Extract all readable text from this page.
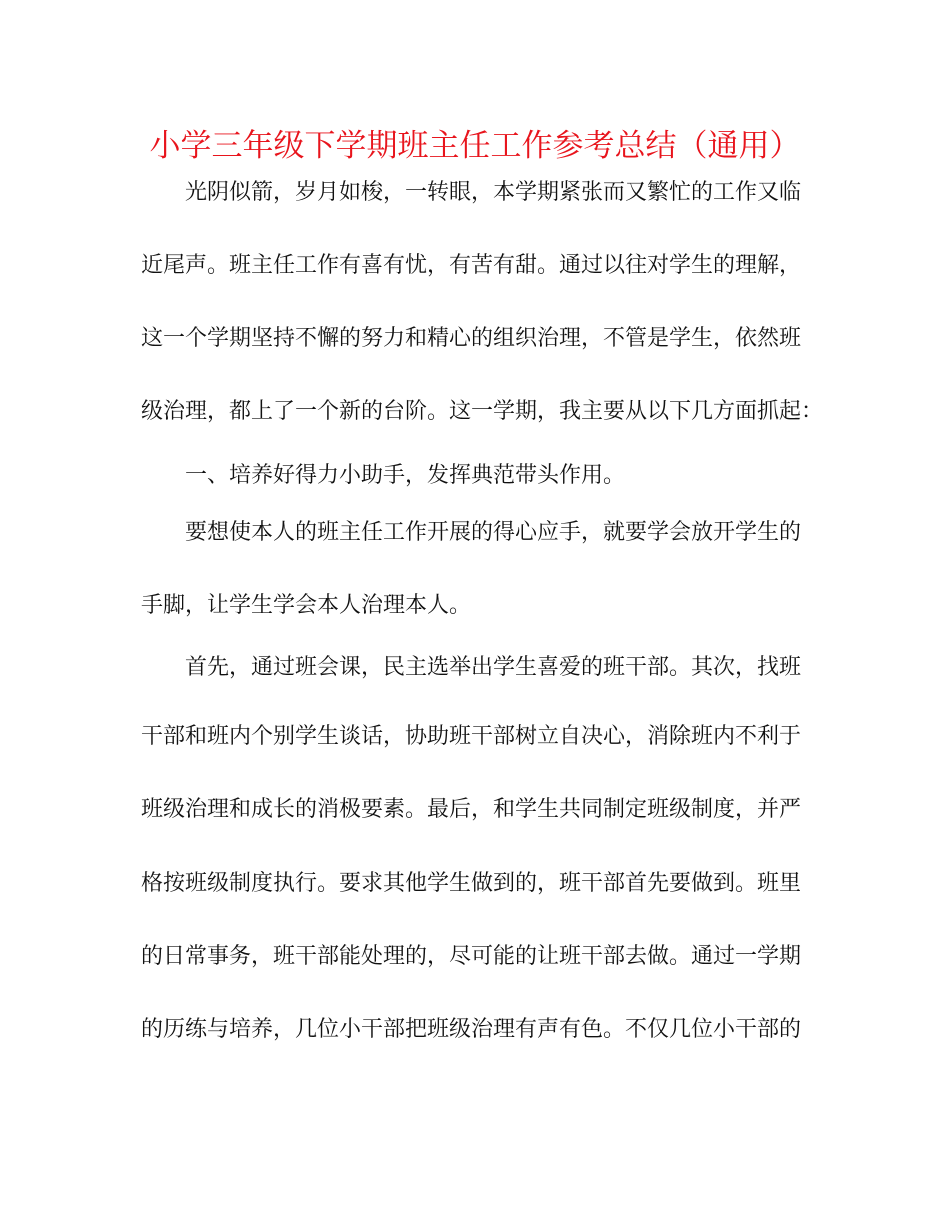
小学三年级下学期班主任工作参考总结（通用）
光阴似箭，岁月如梭，一转眼，本学期紧张而又繁忙的工作又临
近尾声。班主任工作有喜有忧，有苦有甜。通过以往对学生的理解，
这一个学期坚持不懈的努力和精心的组织治理，不管是学生，依然班
级治理，都上了一个新的台阶。这一学期，我主要从以下几方面抓起：
一、培养好得力小助手，发挥典范带头作用。
要想使本人的班主任工作开展的得心应手，就要学会放开学生的
手脚，让学生学会本人治理本人。
首先，通过班会课，民主选举出学生喜爱的班干部。其次，找班
干部和班内个别学生谈话，协助班干部树立自决心，消除班内不利于
班级治理和成长的消极要素。最后，和学生共同制定班级制度，并严
格按班级制度执行。要求其他学生做到的，班干部首先要做到。班里
的日常事务，班干部能处理的，尽可能的让班干部去做。通过一学期
的历练与培养，几位小干部把班级治理有声有色。不仅几位小干部的
